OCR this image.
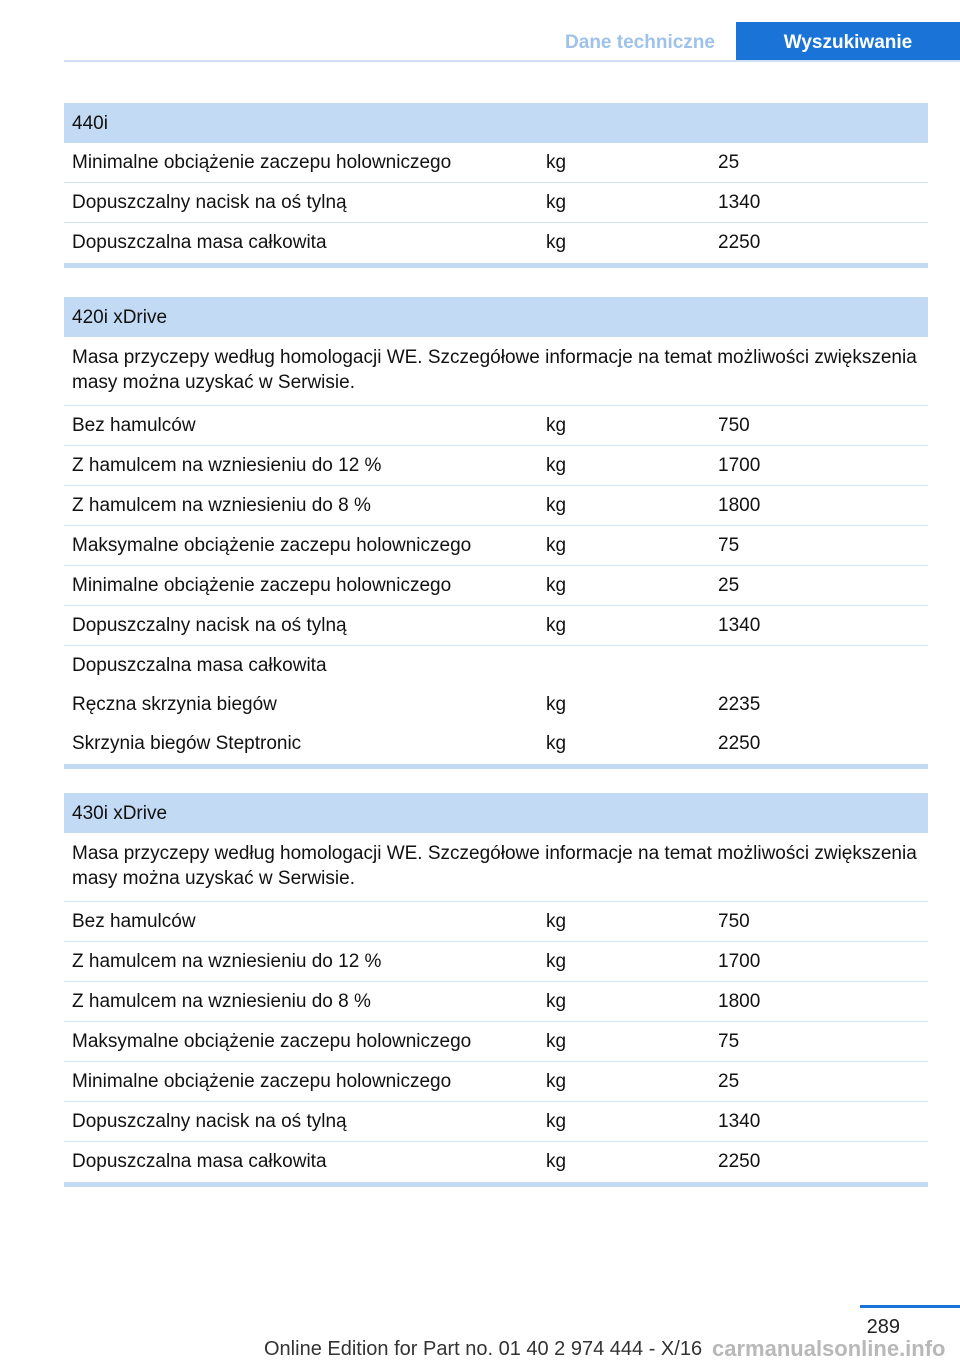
Dane techniczne	Wyszukiwanie
440i
Minimalne obciążenie zaczepu holowniczego	kg	25
Dopuszczalny nacisk na oś tylną	kg	1340
Dopuszczalna masa całkowita	kg	2250
420i xDrive
Masa przyczepy według homologacji WE. Szczegółowe informacje na temat możliwości zwiększenia masy można uzyskać w Serwisie.
Bez hamulców	kg	750
Z hamulcem na wzniesieniu do 12 %	kg	1700
Z hamulcem na wzniesieniu do 8 %	kg	1800
Maksymalne obciążenie zaczepu holowniczego	kg	75
Minimalne obciążenie zaczepu holowniczego	kg	25
Dopuszczalny nacisk na oś tylną	kg	1340
Dopuszczalna masa całkowita
Ręczna skrzynia biegów	kg	2235
Skrzynia biegów Steptronic	kg	2250
430i xDrive
Masa przyczepy według homologacji WE. Szczegółowe informacje na temat możliwości zwiększenia masy można uzyskać w Serwisie.
Bez hamulców	kg	750
Z hamulcem na wzniesieniu do 12 %	kg	1700
Z hamulcem na wzniesieniu do 8 %	kg	1800
Maksymalne obciążenie zaczepu holowniczego	kg	75
Minimalne obciążenie zaczepu holowniczego	kg	25
Dopuszczalny nacisk na oś tylną	kg	1340
Dopuszczalna masa całkowita	kg	2250
289
Online Edition for Part no. 01 40 2 974 444 - X/16 carmanualsonline.info
